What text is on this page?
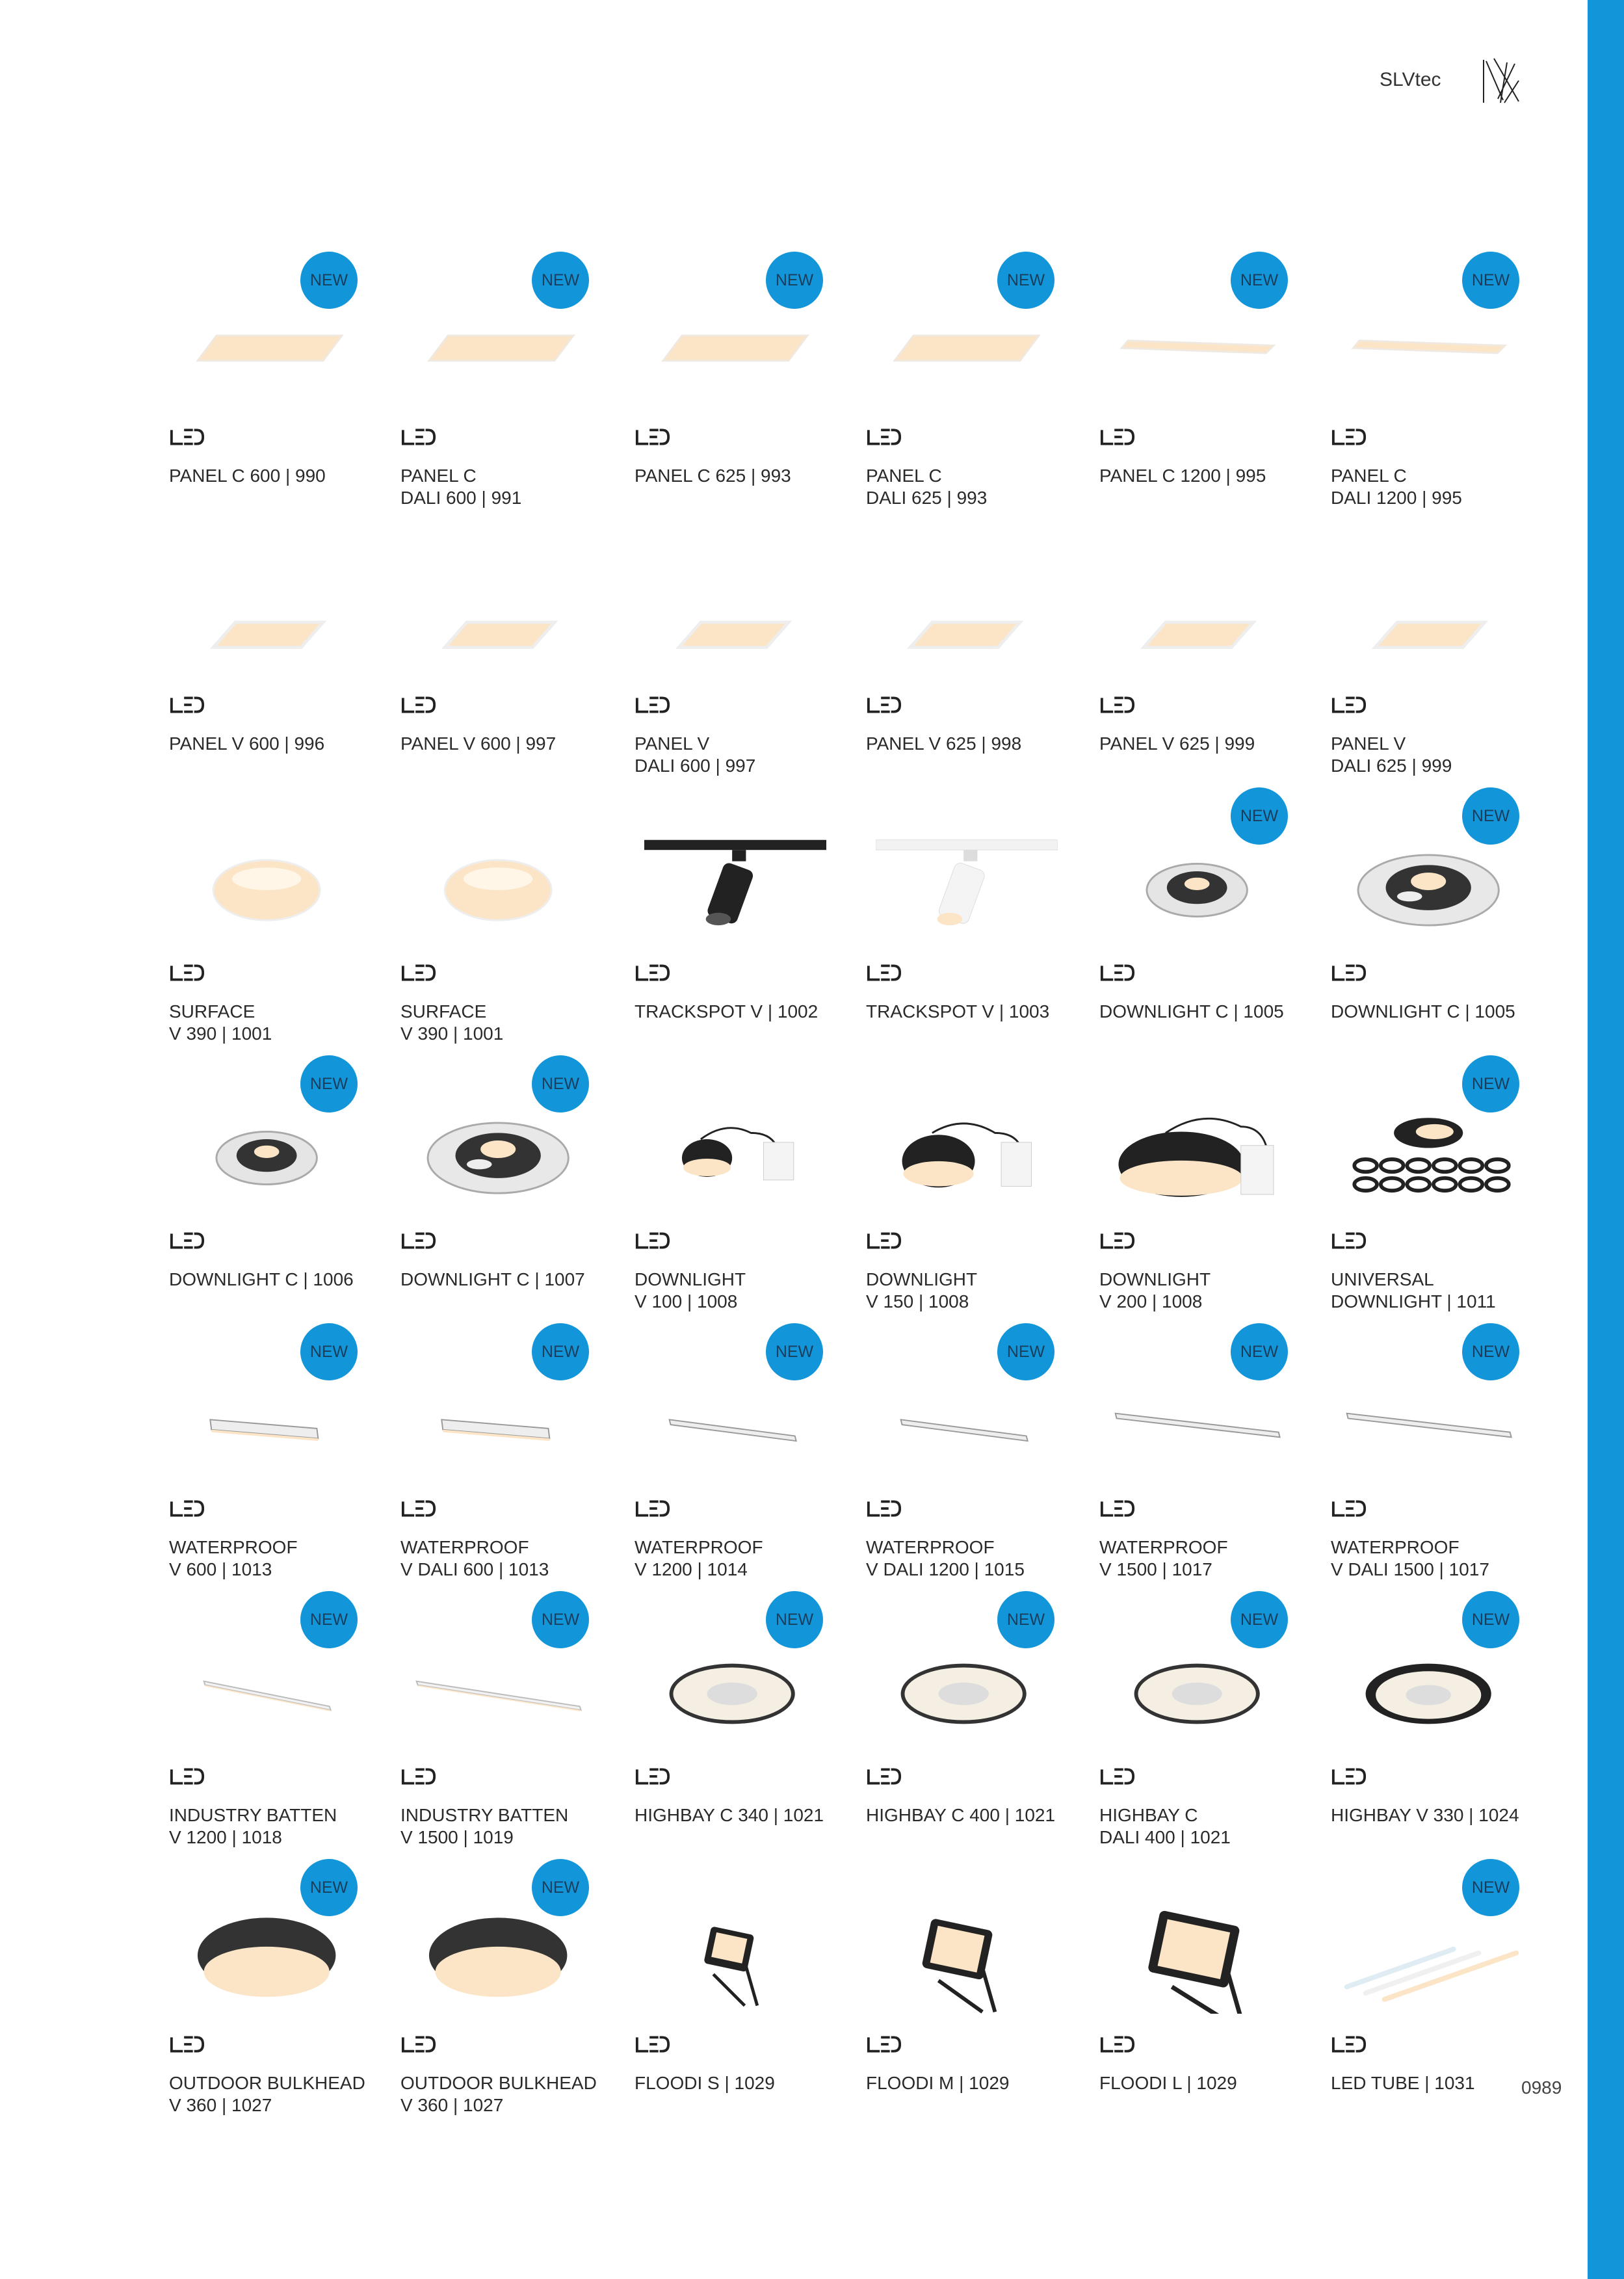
SLVtec
NEW
PANEL C 600 | 990
NEW
PANEL C
DALI 600 | 991
NEW
PANEL C 625 | 993
NEW
PANEL C
DALI 625 | 993
NEW
PANEL C 1200 | 995
NEW
PANEL C
DALI 1200 | 995
PANEL V 600 | 996	PANEL V 600 | 997	PANEL V
DALI 600 | 997
PANEL V 625 | 998	PANEL V 625 | 999	PANEL V
DALI 625 | 999
SURFACE
V 390 | 1001
SURFACE
V 390 | 1001
TRACKSPOT V | 1002	TRACKSPOT V | 1003
NEW
DOWNLIGHT C | 1005
NEW
DOWNLIGHT C | 1005
NEW
DOWNLIGHT C | 1006
NEW
DOWNLIGHT C | 1007	DOWNLIGHT
V 100 | 1008
DOWNLIGHT
V 150 | 1008
DOWNLIGHT
V 200 | 1008
NEW
UNIVERSAL
DOWNLIGHT | 1011
NEW
WATERPROOF
V 600 | 1013
NEW
WATERPROOF
V DALI 600 | 1013
NEW
WATERPROOF
V 1200 | 1014
NEW
WATERPROOF
V DALI 1200 | 1015
NEW
WATERPROOF
V 1500 | 1017
NEW
WATERPROOF
V DALI 1500 | 1017
NEW
INDUSTRY BATTEN
V 1200 | 1018
NEW
INDUSTRY BATTEN
V 1500 | 1019
NEW
HIGHBAY C 340 | 1021
NEW
HIGHBAY C 400 | 1021
NEW
HIGHBAY C
DALI 400 | 1021
NEW
HIGHBAY V 330 | 1024
NEW
OUTDOOR BULKHEAD
V 360 | 1027
NEW
OUTDOOR BULKHEAD
V 360 | 1027
FLOODI S | 1029	FLOODI M | 1029	FLOODI L | 1029
NEW
LED TUBE | 1031	0989
